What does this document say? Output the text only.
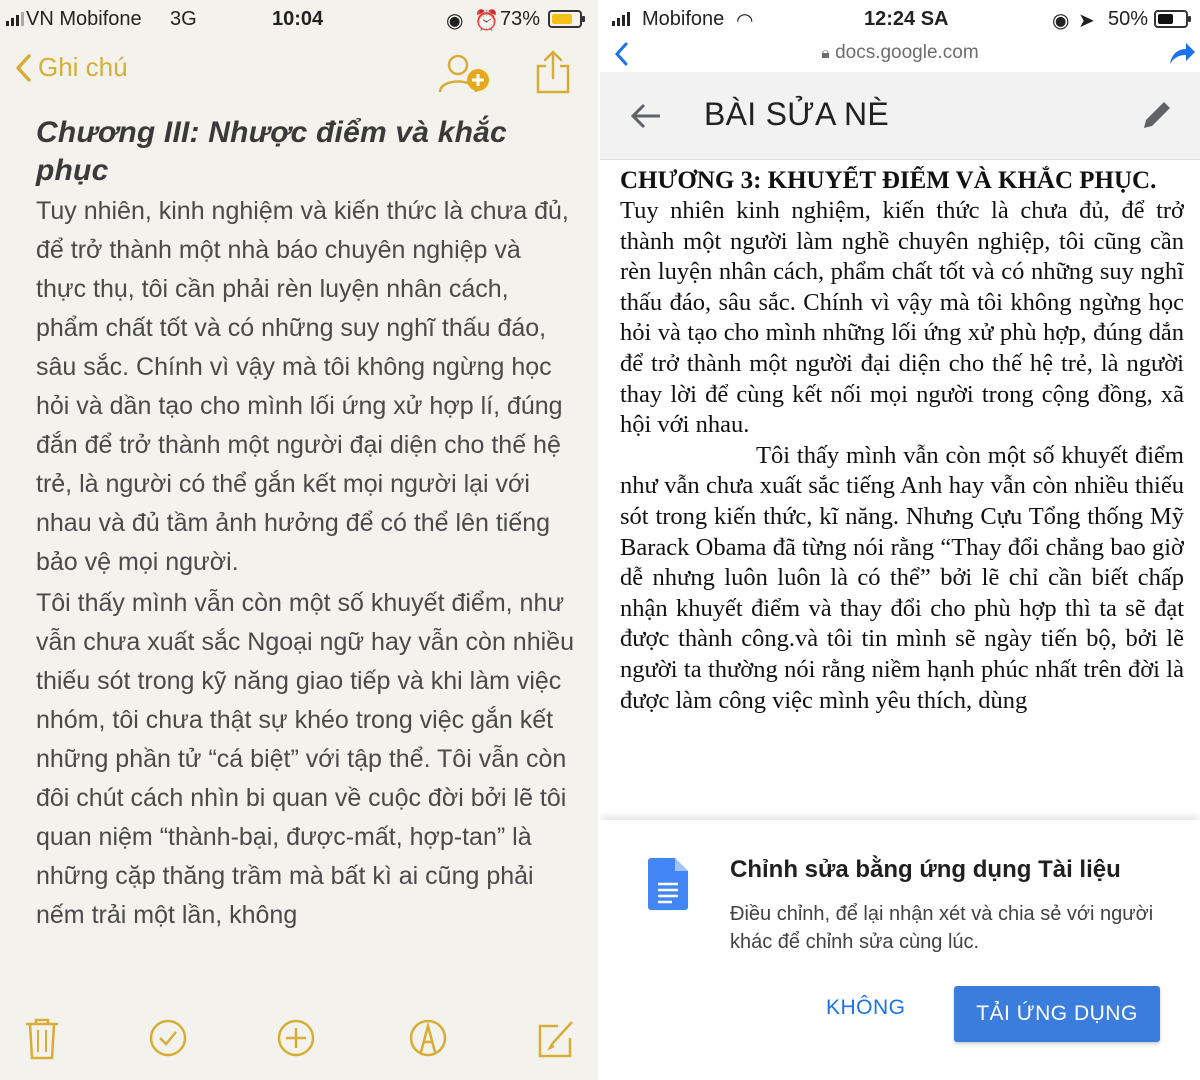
VN Mobifone 3G	10:04	◉ ⏰ 73%
Ghi chú
Chương III: Nhược điểm và khắc phục

Tuy nhiên, kinh nghiệm và kiến thức là chưa đủ, để trở thành một nhà báo chuyên nghiệp và thực thụ, tôi cần phải rèn luyện nhân cách, phẩm chất tốt và có những suy nghĩ thấu đáo, sâu sắc. Chính vì vậy mà tôi không ngừng học hỏi và dần tạo cho mình lối ứng xử hợp lí, đúng đắn để trở thành một người đại diện cho thế hệ trẻ, là người có thể gắn kết mọi người lại với nhau và đủ tầm ảnh hưởng để có thể lên tiếng bảo vệ mọi người.

Tôi thấy mình vẫn còn một số khuyết điểm, như vẫn chưa xuất sắc Ngoại ngữ hay vẫn còn nhiều thiếu sót trong kỹ năng giao tiếp và khi làm việc nhóm, tôi chưa thật sự khéo trong việc gắn kết những phần tử “cá biệt” với tập thể. Tôi vẫn còn đôi chút cách nhìn bi quan về cuộc đời bởi lẽ tôi quan niệm “thành-bại, được-mất, hợp-tan” là những cặp thăng trầm mà bất kì ai cũng phải nếm trải một lần, không

Mobifone ◠	12:24 SA	◉ ➤ 50%
🔒︎ docs.google.com
BÀI SỬA NÈ
CHƯƠNG 3: KHUYẾT ĐIỂM VÀ KHẮC PHỤC.

Tuy nhiên kinh nghiệm, kiến thức là chưa đủ, để trở thành một người làm nghề chuyên nghiệp, tôi cũng cần rèn luyện nhân cách, phẩm chất tốt và có những suy nghĩ thấu đáo, sâu sắc. Chính vì vậy mà tôi không ngừng học hỏi và tạo cho mình những lối ứng xử phù hợp, đúng dắn để trở thành một người đại diện cho thế hệ trẻ, là người thay lời để cùng kết nối mọi người trong cộng đồng, xã hội với nhau.

Tôi thấy mình vẫn còn một số khuyết điểm như vẫn chưa xuất sắc tiếng Anh hay vẫn còn nhiều thiếu sót trong kiến thức, kĩ năng. Nhưng Cựu Tổng thống Mỹ Barack Obama đã từng nói rằng “Thay đổi chẳng bao giờ dễ nhưng luôn luôn là có thể” bởi lẽ chỉ cần biết chấp nhận khuyết điểm và thay đổi cho phù hợp thì ta sẽ đạt được thành công.và tôi tin mình sẽ ngày tiến bộ, bởi lẽ người ta thường nói rằng niềm hạnh phúc nhất trên đời là được làm công việc mình yêu thích, dùng

Chỉnh sửa bằng ứng dụng Tài liệu
Điều chỉnh, để lại nhận xét và chia sẻ với người khác để chỉnh sửa cùng lúc.
KHÔNG	TẢI ỨNG DỤNG
